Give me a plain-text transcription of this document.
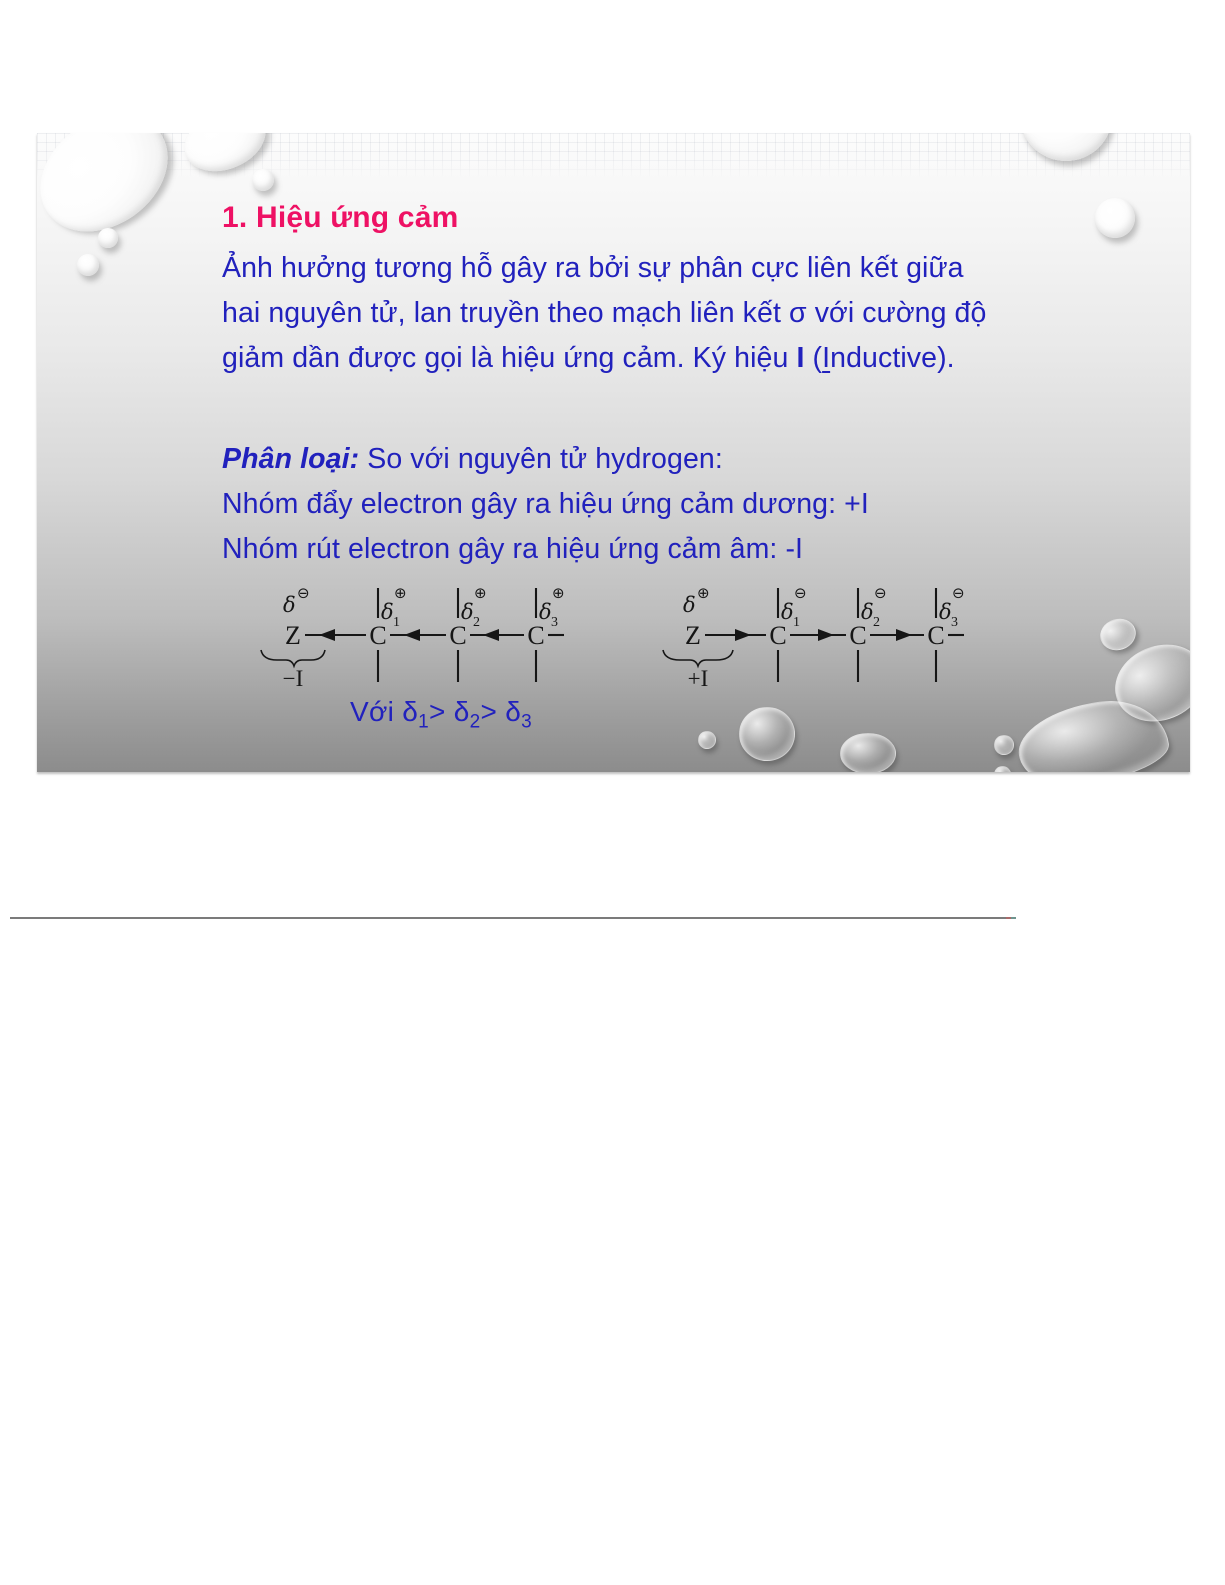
1. Hiệu ứng cảm
Ảnh hưởng tương hỗ gây ra bởi sự phân cực liên kết giữa
hai nguyên tử, lan truyền theo mạch liên kết σ với cường độ
giảm dần được gọi là hiệu ứng cảm. Ký hiệu I (Inductive).
Phân loại: So với nguyên tử hydrogen:
Nhóm đẩy electron gây ra hiệu ứng cảm dương: +I
Nhóm rút electron gây ra hiệu ứng cảm âm: -I
δ ⊖
Z	C
δ 1
⊕
C
δ 2
⊕
C
δ 3
⊕
−I
δ ⊕
Z	C
δ 1
⊖
C
δ 2
⊖
C
δ 3
⊖
+I
Với $\delta_1> \delta_2> \delta_3$
